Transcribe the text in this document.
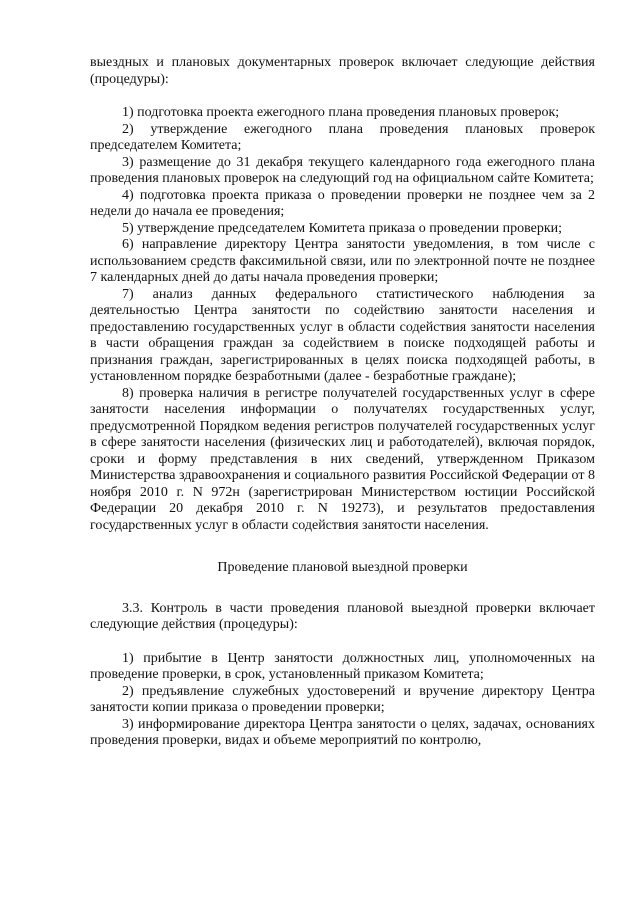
выездных и плановых документарных проверок включает следующие действия (процедуры):

1) подготовка проекта ежегодного плана проведения плановых проверок;

2) утверждение ежегодного плана проведения плановых проверок председателем Комитета;

3) размещение до 31 декабря текущего календарного года ежегодного плана проведения плановых проверок на следующий год на официальном сайте Комитета;

4) подготовка проекта приказа о проведении проверки не позднее чем за 2 недели до начала ее проведения;

5) утверждение председателем Комитета приказа о проведении проверки;

6) направление директору Центра занятости уведомления, в том числе с использованием средств факсимильной связи, или по электронной почте не позднее 7 календарных дней до даты начала проведения проверки;

7) анализ данных федерального статистического наблюдения за деятельностью Центра занятости по содействию занятости населения и предоставлению государственных услуг в области содействия занятости населения в части обращения граждан за содействием в поиске подходящей работы и признания граждан, зарегистрированных в целях поиска подходящей работы, в установленном порядке безработными (далее - безработные граждане);

8) проверка наличия в регистре получателей государственных услуг в сфере занятости населения информации о получателях государственных услуг, предусмотренной Порядком ведения регистров получателей государственных услуг в сфере занятости населения (физических лиц и работодателей), включая порядок, сроки и форму представления в них сведений, утвержденном Приказом Министерства здравоохранения и социального развития Российской Федерации от 8 ноября 2010 г. N 972н (зарегистрирован Министерством юстиции Российской Федерации 20 декабря 2010 г. N 19273), и результатов предоставления государственных услуг в области содействия занятости населения.

Проведение плановой выездной проверки

3.3. Контроль в части проведения плановой выездной проверки включает следующие действия (процедуры):

1) прибытие в Центр занятости должностных лиц, уполномоченных на проведение проверки, в срок, установленный приказом Комитета;

2) предъявление служебных удостоверений и вручение директору Центра занятости копии приказа о проведении проверки;

3) информирование директора Центра занятости о целях, задачах, основаниях проведения проверки, видах и объеме мероприятий по контролю,
